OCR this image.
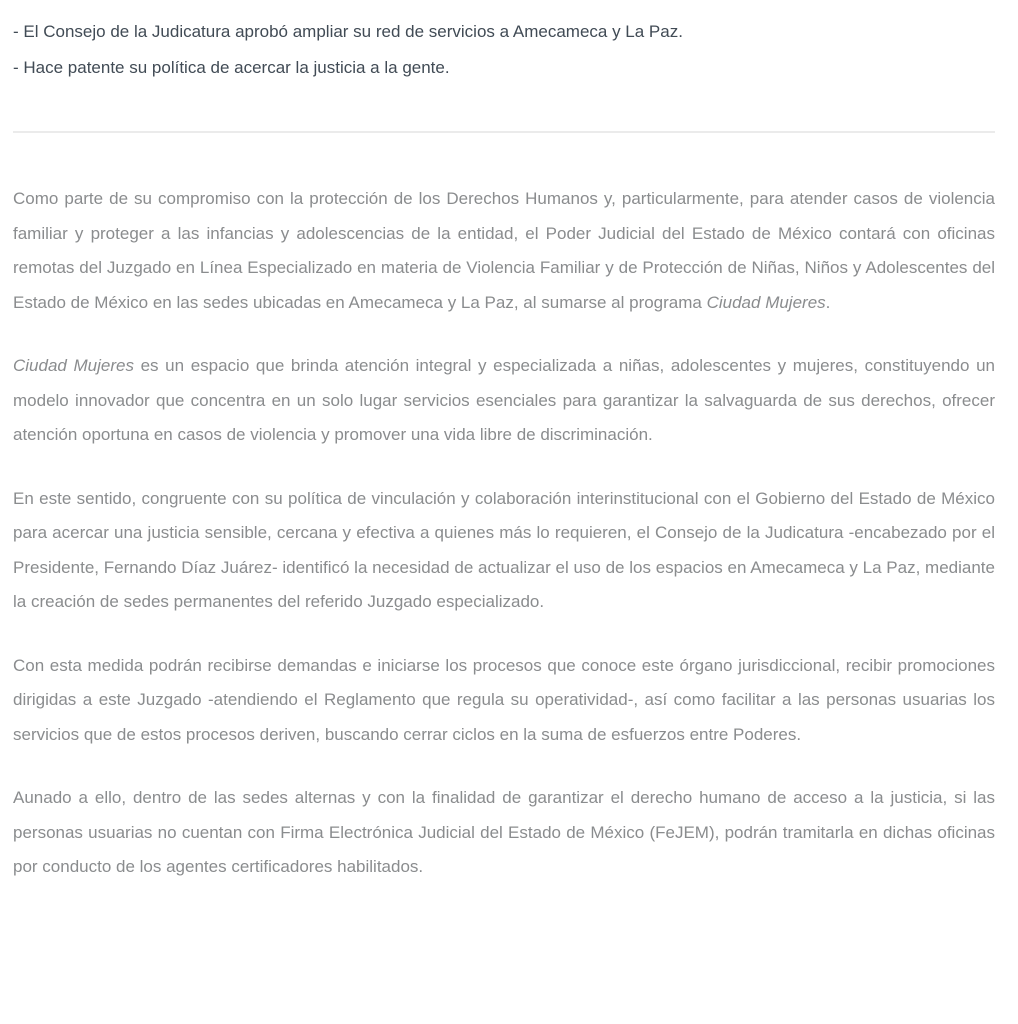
- El Consejo de la Judicatura aprobó ampliar su red de servicios a Amecameca y La Paz.

- Hace patente su política de acercar la justicia a la gente.

Como parte de su compromiso con la protección de los Derechos Humanos y, particularmente, para atender casos de violencia familiar y proteger a las infancias y adolescencias de la entidad, el Poder Judicial del Estado de México contará con oficinas remotas del Juzgado en Línea Especializado en materia de Violencia Familiar y de Protección de Niñas, Niños y Adolescentes del Estado de México en las sedes ubicadas en Amecameca y La Paz, al sumarse al programa Ciudad Mujeres.

Ciudad Mujeres es un espacio que brinda atención integral y especializada a niñas, adolescentes y mujeres, constituyendo un modelo innovador que concentra en un solo lugar servicios esenciales para garantizar la salvaguarda de sus derechos, ofrecer atención oportuna en casos de violencia y promover una vida libre de discriminación.

En este sentido, congruente con su política de vinculación y colaboración interinstitucional con el Gobierno del Estado de México para acercar una justicia sensible, cercana y efectiva a quienes más lo requieren, el Consejo de la Judicatura -encabezado por el Presidente, Fernando Díaz Juárez- identificó la necesidad de actualizar el uso de los espacios en Amecameca y La Paz, mediante la creación de sedes permanentes del referido Juzgado especializado.

Con esta medida podrán recibirse demandas e iniciarse los procesos que conoce este órgano jurisdiccional, recibir promociones dirigidas a este Juzgado -atendiendo el Reglamento que regula su operatividad-, así como facilitar a las personas usuarias los servicios que de estos procesos deriven, buscando cerrar ciclos en la suma de esfuerzos entre Poderes.

Aunado a ello, dentro de las sedes alternas y con la finalidad de garantizar el derecho humano de acceso a la justicia, si las personas usuarias no cuentan con Firma Electrónica Judicial del Estado de México (FeJEM), podrán tramitarla en dichas oficinas por conducto de los agentes certificadores habilitados.
